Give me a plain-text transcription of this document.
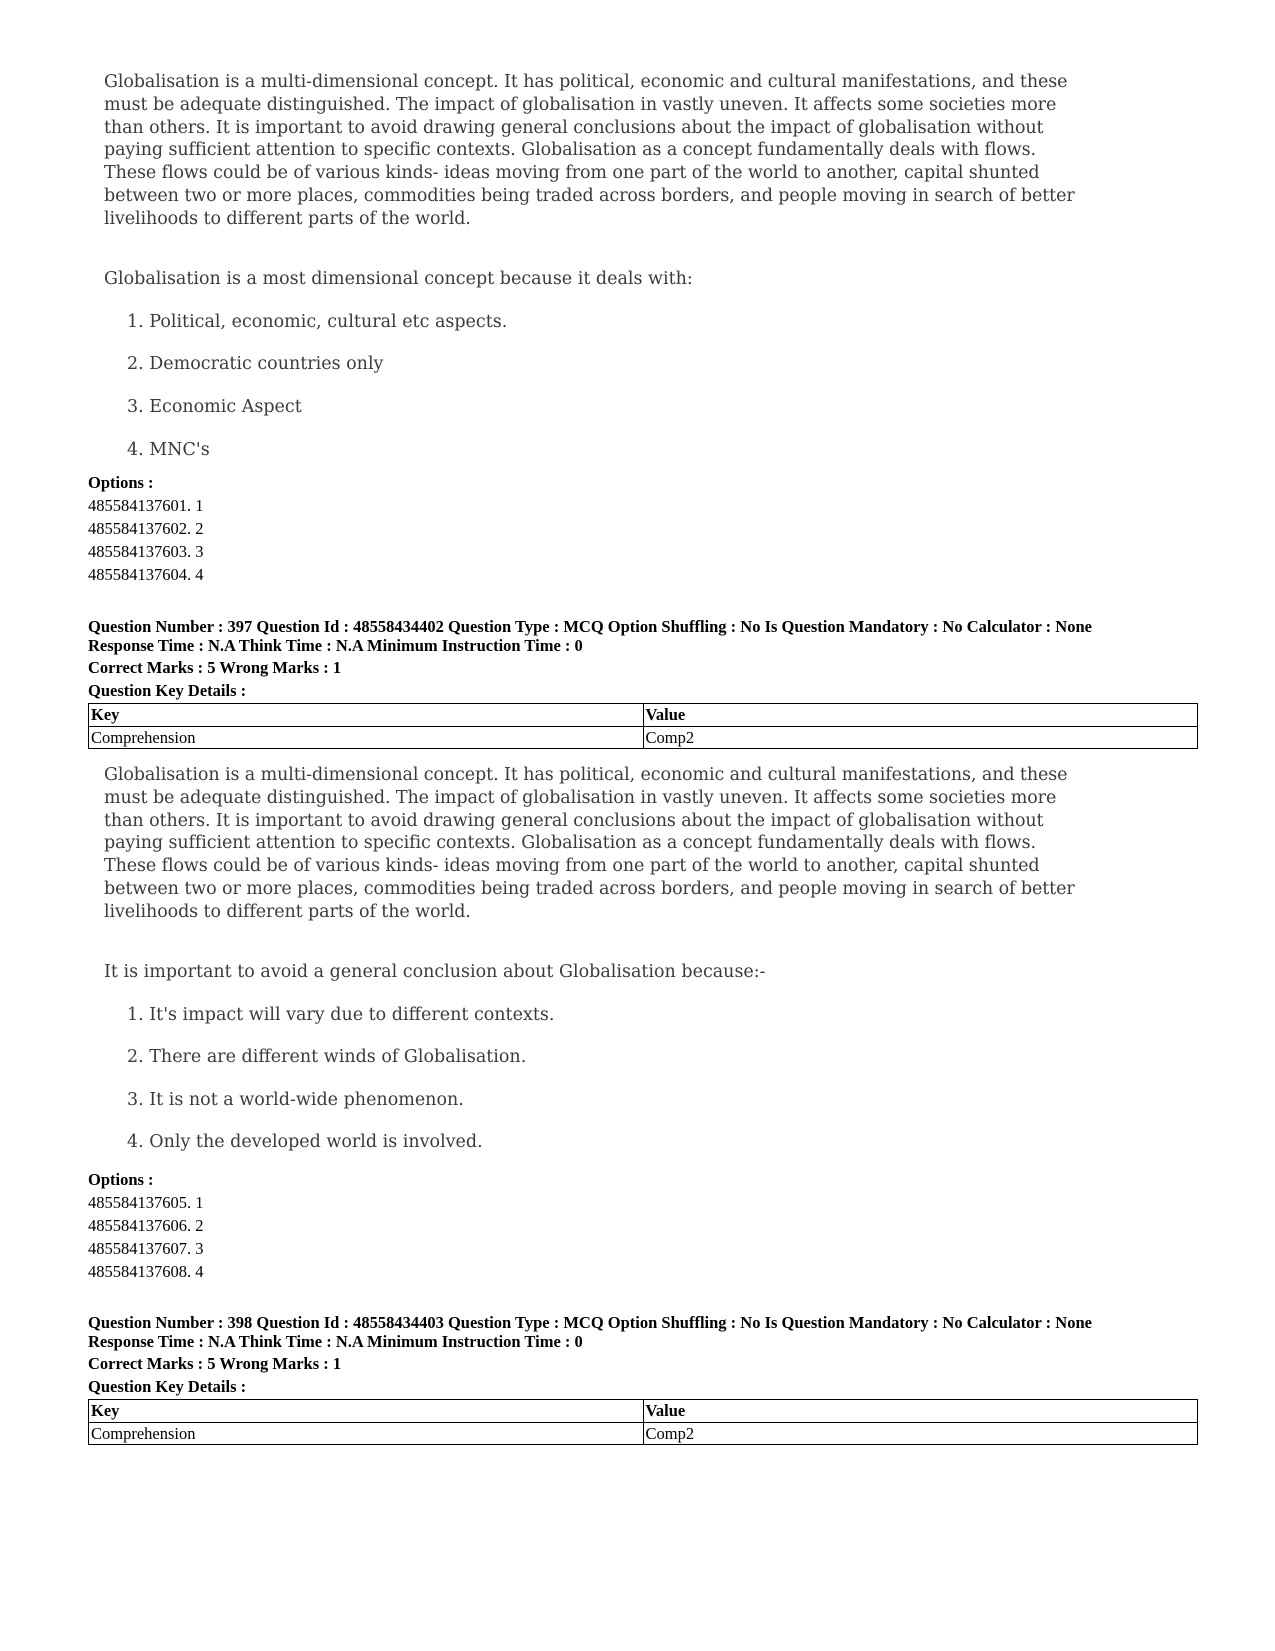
Globalisation is a multi-dimensional concept. It has political, economic and cultural manifestations, and these
must be adequate distinguished. The impact of globalisation in vastly uneven. It affects some societies more
than others. It is important to avoid drawing general conclusions about the impact of globalisation without
paying sufficient attention to specific contexts. Globalisation as a concept fundamentally deals with flows.
These flows could be of various kinds- ideas moving from one part of the world to another, capital shunted
between two or more places, commodities being traded across borders, and people moving in search of better
livelihoods to different parts of the world.
Globalisation is a most dimensional concept because it deals with:
1. Political, economic, cultural etc aspects.
2. Democratic countries only
3. Economic Aspect
4. MNC's
Options :
485584137601. 1
485584137602. 2
485584137603. 3
485584137604. 4
Question Number : 397 Question Id : 48558434402 Question Type : MCQ Option Shuffling : No Is Question Mandatory : No Calculator : None
Response Time : N.A Think Time : N.A Minimum Instruction Time : 0
Correct Marks : 5 Wrong Marks : 1
Question Key Details :
Key	Value
Comprehension	Comp2
Globalisation is a multi-dimensional concept. It has political, economic and cultural manifestations, and these
must be adequate distinguished. The impact of globalisation in vastly uneven. It affects some societies more
than others. It is important to avoid drawing general conclusions about the impact of globalisation without
paying sufficient attention to specific contexts. Globalisation as a concept fundamentally deals with flows.
These flows could be of various kinds- ideas moving from one part of the world to another, capital shunted
between two or more places, commodities being traded across borders, and people moving in search of better
livelihoods to different parts of the world.
It is important to avoid a general conclusion about Globalisation because:-
1. It's impact will vary due to different contexts.
2. There are different winds of Globalisation.
3. It is not a world-wide phenomenon.
4. Only the developed world is involved.
Options :
485584137605. 1
485584137606. 2
485584137607. 3
485584137608. 4
Question Number : 398 Question Id : 48558434403 Question Type : MCQ Option Shuffling : No Is Question Mandatory : No Calculator : None
Response Time : N.A Think Time : N.A Minimum Instruction Time : 0
Correct Marks : 5 Wrong Marks : 1
Question Key Details :
Key	Value
Comprehension	Comp2
